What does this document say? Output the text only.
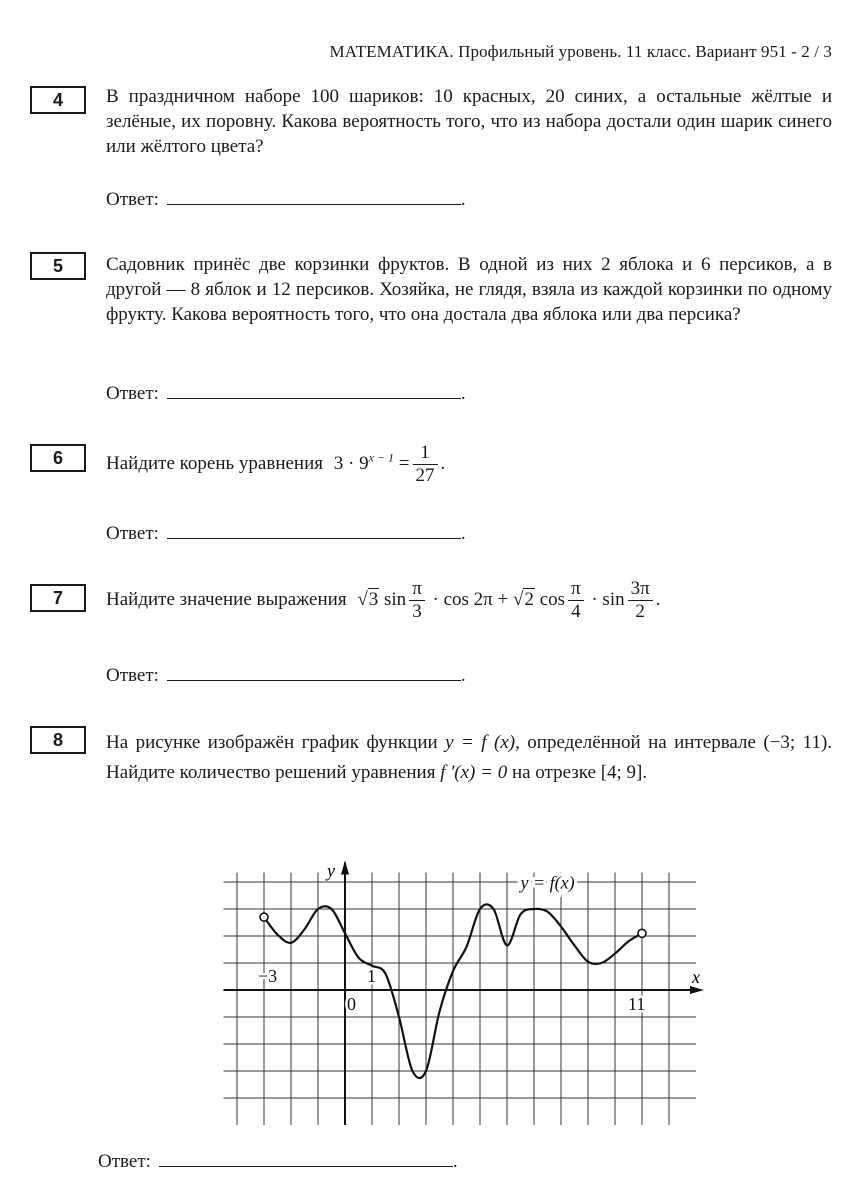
МАТЕМАТИКА. Профильный уровень. 11 класс. Вариант 951 - 2 / 3
4	В праздничном наборе 100 шариков: 10 красных, 20 синих, а остальные жёлтые и зелёные, их поровну. Какова вероятность того, что из набора достали один шарик синего или жёлтого цвета?
Ответ:	.
5	Садовник принёс две корзинки фруктов. В одной из них 2 яблока и 6 персиков, а в другой — 8 яблок и 12 персиков. Хозяйка, не глядя, взяла из каждой корзинки по одному фрукту. Какова вероятность того, что она достала два яблока или два персика?
Ответ:	.
6	Найдите корень уравнения $3 \cdot 9^{x - 1} = \frac{1}{27}$ .
Ответ:	.
7	Найдите значение выражения √3 $\sin \frac{\pi}{3} \cdot \cos 2\pi + √2$ $\cos \frac{\pi}{4} \cdot \sin \frac{3\pi}{2}$ .
Ответ:	.
8	На рисунке изображён график функции y = f (x), определённой на интервале (−3; 11). Найдите количество решений уравнения f '(x) = 0 на отрезке [4; 9].
x
y
y = f(x)
−3
0
1
11
Ответ:	.
